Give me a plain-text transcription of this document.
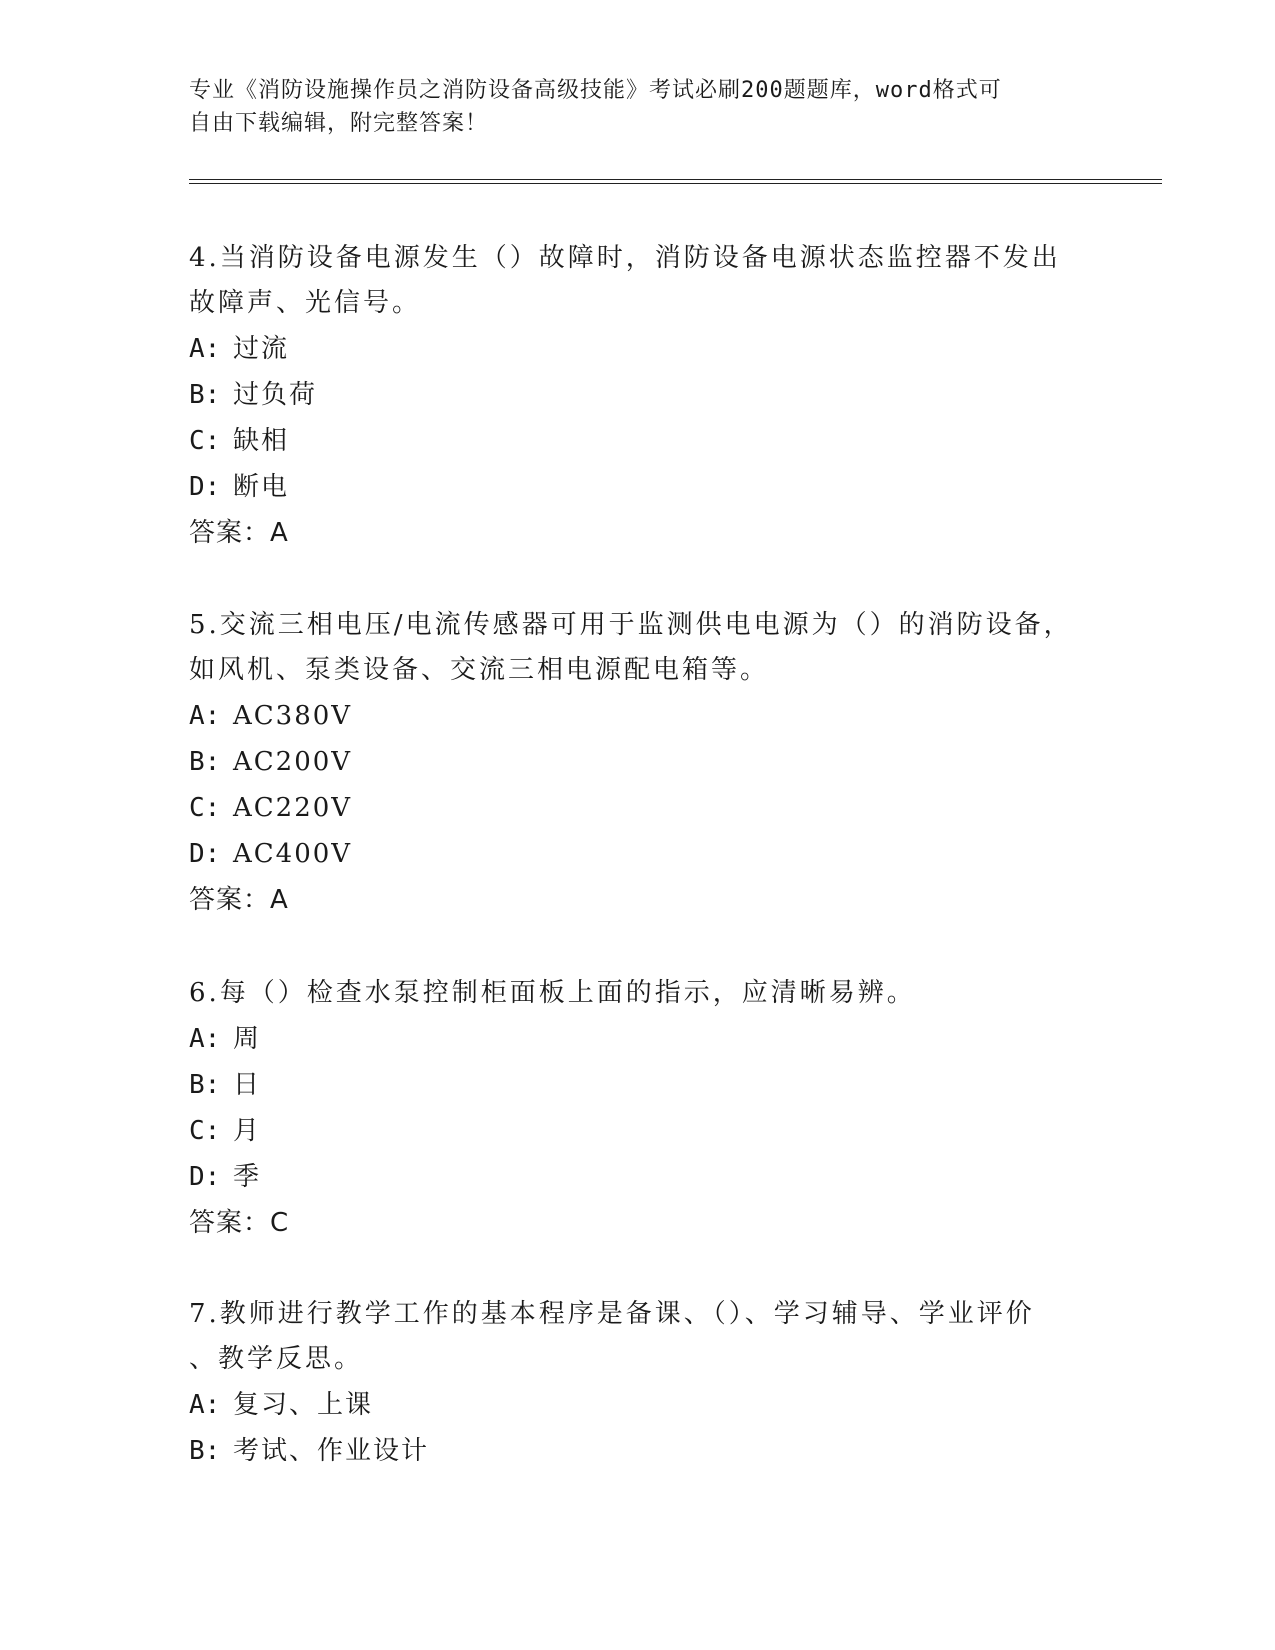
专业《消防设施操作员之消防设备高级技能》考试必刷200题题库，word格式可
自由下载编辑，附完整答案！
4.当消防设备电源发生（）故障时，消防设备电源状态监控器不发出
故障声、光信号。
A: 过流
B: 过负荷
C: 缺相
D: 断电
答案：A
5.交流三相电压/电流传感器可用于监测供电电源为（）的消防设备，
如风机、泵类设备、交流三相电源配电箱等。
A: AC380V
B: AC200V
C: AC220V
D: AC400V
答案：A
6.每（）检查水泵控制柜面板上面的指示，应清晰易辨。
A: 周
B: 日
C: 月
D: 季
答案：C
7.教师进行教学工作的基本程序是备课、（）、学习辅导、学业评价
、教学反思。
A: 复习、上课
B: 考试、作业设计
